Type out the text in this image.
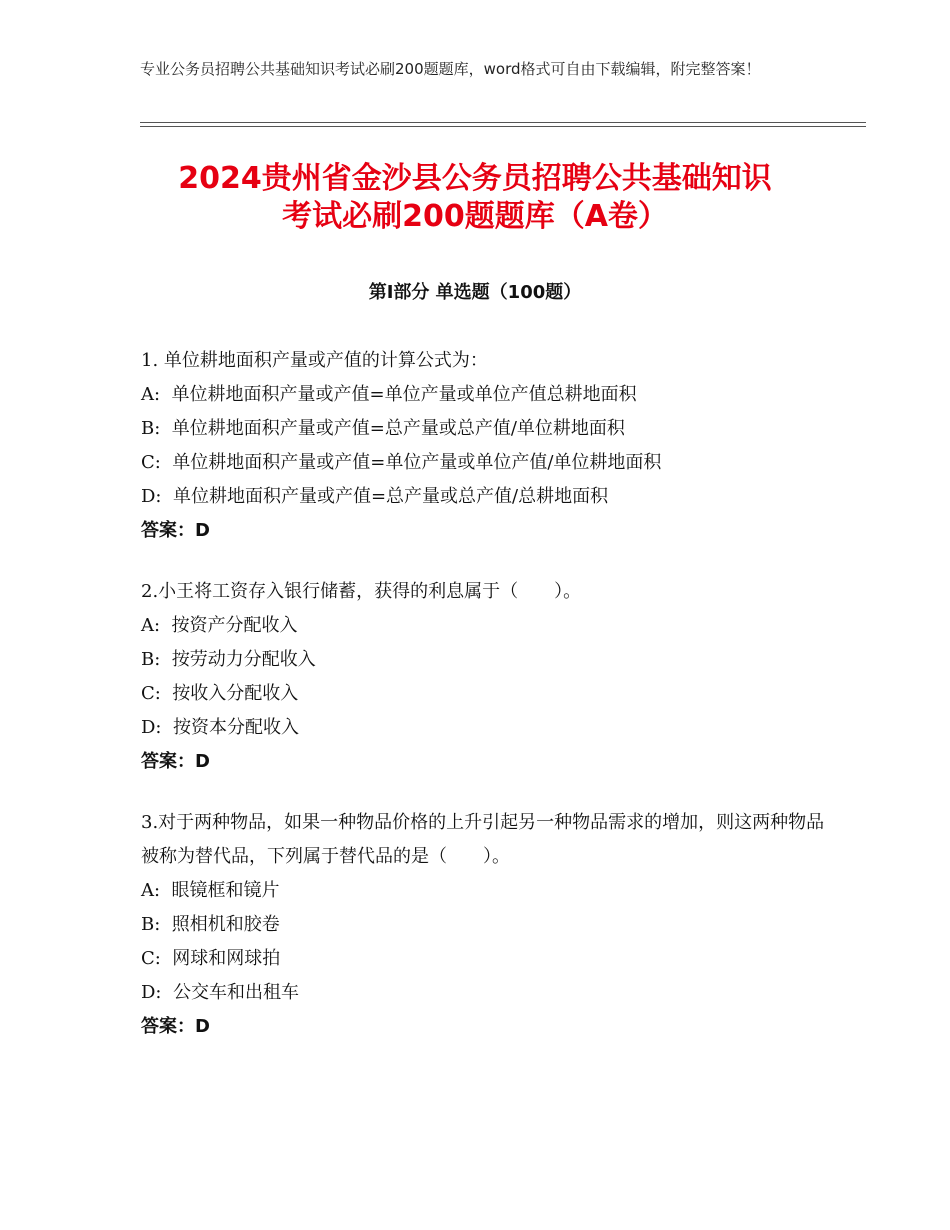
专业公务员招聘公共基础知识考试必刷200题题库，word格式可自由下载编辑，附完整答案！
2024贵州省金沙县公务员招聘公共基础知识
考试必刷200题题库（A卷）
第Ⅰ部分 单选题（100题）
1. 单位耕地面积产量或产值的计算公式为：
A:  单位耕地面积产量或产值=单位产量或单位产值总耕地面积
B:  单位耕地面积产量或产值=总产量或总产值/单位耕地面积
C:  单位耕地面积产量或产值=单位产量或单位产值/单位耕地面积
D:  单位耕地面积产量或产值=总产量或总产值/总耕地面积
答案：D
2.小王将工资存入银行储蓄，获得的利息属于（　　）。
A:  按资产分配收入
B:  按劳动力分配收入
C:  按收入分配收入
D:  按资本分配收入
答案：D
3.对于两种物品，如果一种物品价格的上升引起另一种物品需求的增加，则这两种物品被称为替代品，下列属于替代品的是（　　）。
A:  眼镜框和镜片
B:  照相机和胶卷
C:  网球和网球拍
D:  公交车和出租车
答案：D
